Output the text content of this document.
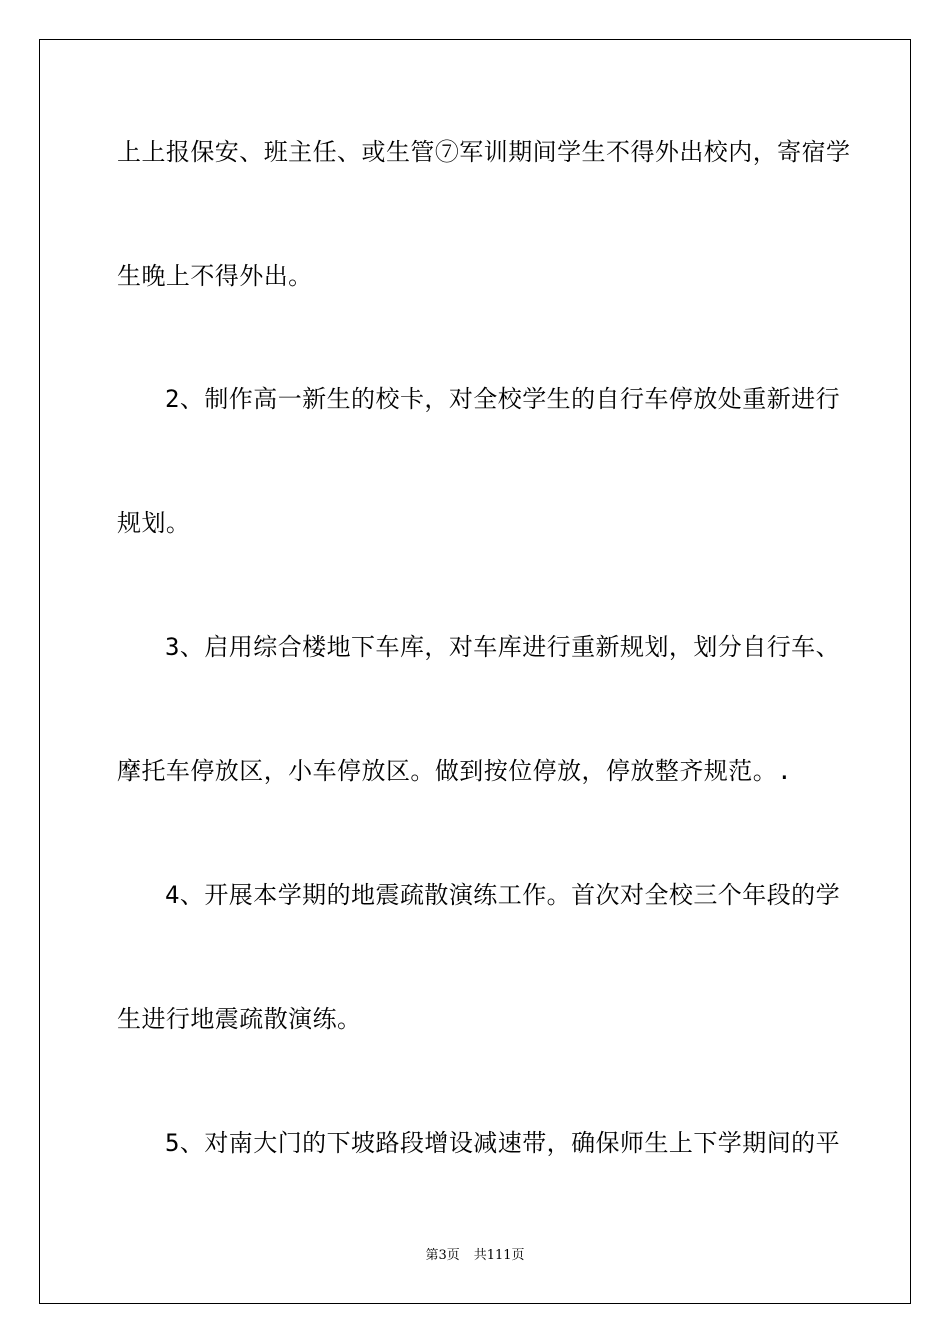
上上报保安、班主任、或生管⑦军训期间学生不得外出校内，寄宿学

生晚上不得外出。

2、制作高一新生的校卡，对全校学生的自行车停放处重新进行

规划。

3、启用综合楼地下车库，对车库进行重新规划，划分自行车、

摩托车停放区，小车停放区。做到按位停放，停放整齐规范。.

4、开展本学期的地震疏散演练工作。首次对全校三个年段的学

生进行地震疏散演练。

5、对南大门的下坡路段增设减速带，确保师生上下学期间的平

第3页 共111页
